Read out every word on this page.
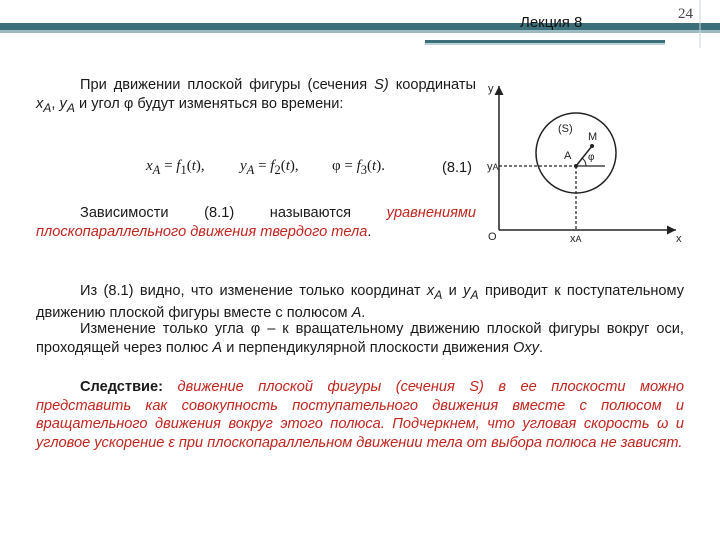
Лекция 8	24

При движении плоской фигуры (сечения S) координаты $x_A$, $y_A$ и угол φ будут изменяться во времени:

$x_A = f_1(t)$, $y_A = f_2(t)$, $\varphi = f_3(t)$.	(8.1)

Зависимости (8.1) называются уравнениями плоскопараллельного движения твердого тела.

y
x
O
(S)
M
A φ
yA
xA

Из (8.1) видно, что изменение только координат $x_A$ и $y_A$ приводит к поступательному движению плоской фигуры вместе с полюсом A.

Изменение только угла φ – к вращательному движению плоской фигуры вокруг оси, проходящей через полюс A и перпендикулярной плоскости движения Oxy.

Следствие: движение плоской фигуры (сечения S) в ее плоскости можно представить как совокупность поступательного движения вместе с полюсом и вращательного движения вокруг этого полюса. Подчеркнем, что угловая скорость ω и угловое ускорение ε при плоскопараллельном движении тела от выбора полюса не зависят.
